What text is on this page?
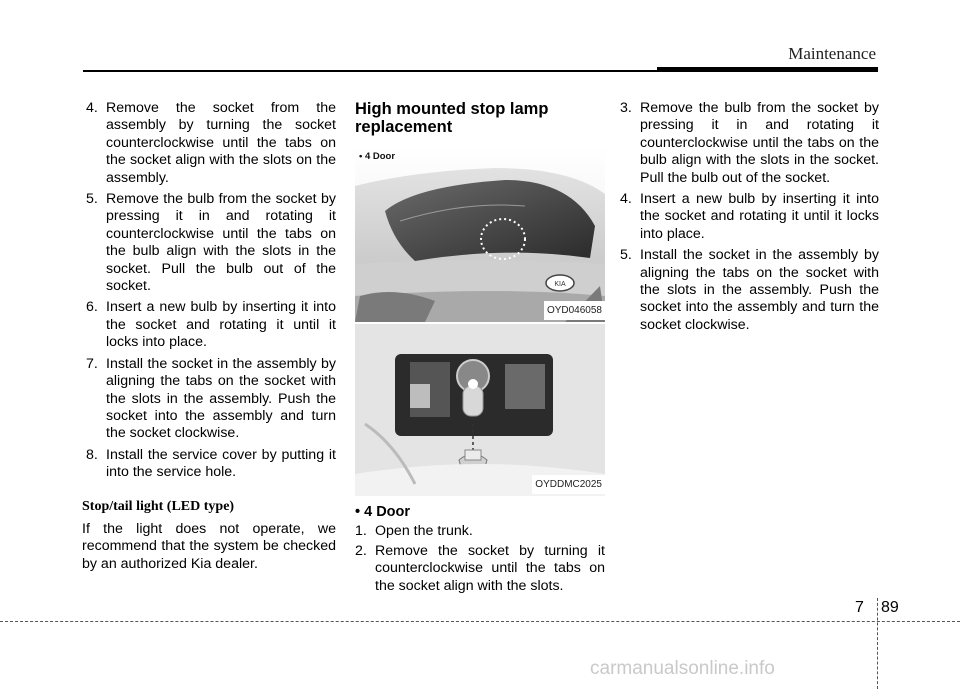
Maintenance
4. Remove the socket from the assembly by turning the socket counterclockwise until the tabs on the socket align with the slots on the assembly.
5. Remove the bulb from the socket by pressing it in and rotating it counterclockwise until the tabs on the bulb align with the slots in the socket. Pull the bulb out of the socket.
6. Insert a new bulb by inserting it into the socket and rotating it until it locks into place.
7. Install the socket in the assembly by aligning the tabs on the socket with the slots in the assembly. Push the socket into the assembly and turn the socket clockwise.
8. Install the service cover by putting it into the service hole.
Stop/tail light (LED type)
If the light does not operate, we recommend that the system be checked by an authorized Kia dealer.
High mounted stop lamp replacement
KIA
• 4 Door
OYD046058
OYDDMC2025
• 4 Door
1. Open the trunk.
2. Remove the socket by turning it counterclockwise until the tabs on the socket align with the slots.
3. Remove the bulb from the socket by pressing it in and rotating it counterclockwise until the tabs on the bulb align with the slots in the socket. Pull the bulb out of the socket.
4. Insert a new bulb by inserting it into the socket and rotating it until it locks into place.
5. Install the socket in the assembly by aligning the tabs on the socket with the slots in the assembly. Push the socket into the assembly and turn the socket clockwise.
7 89
carmanualsonline.info
